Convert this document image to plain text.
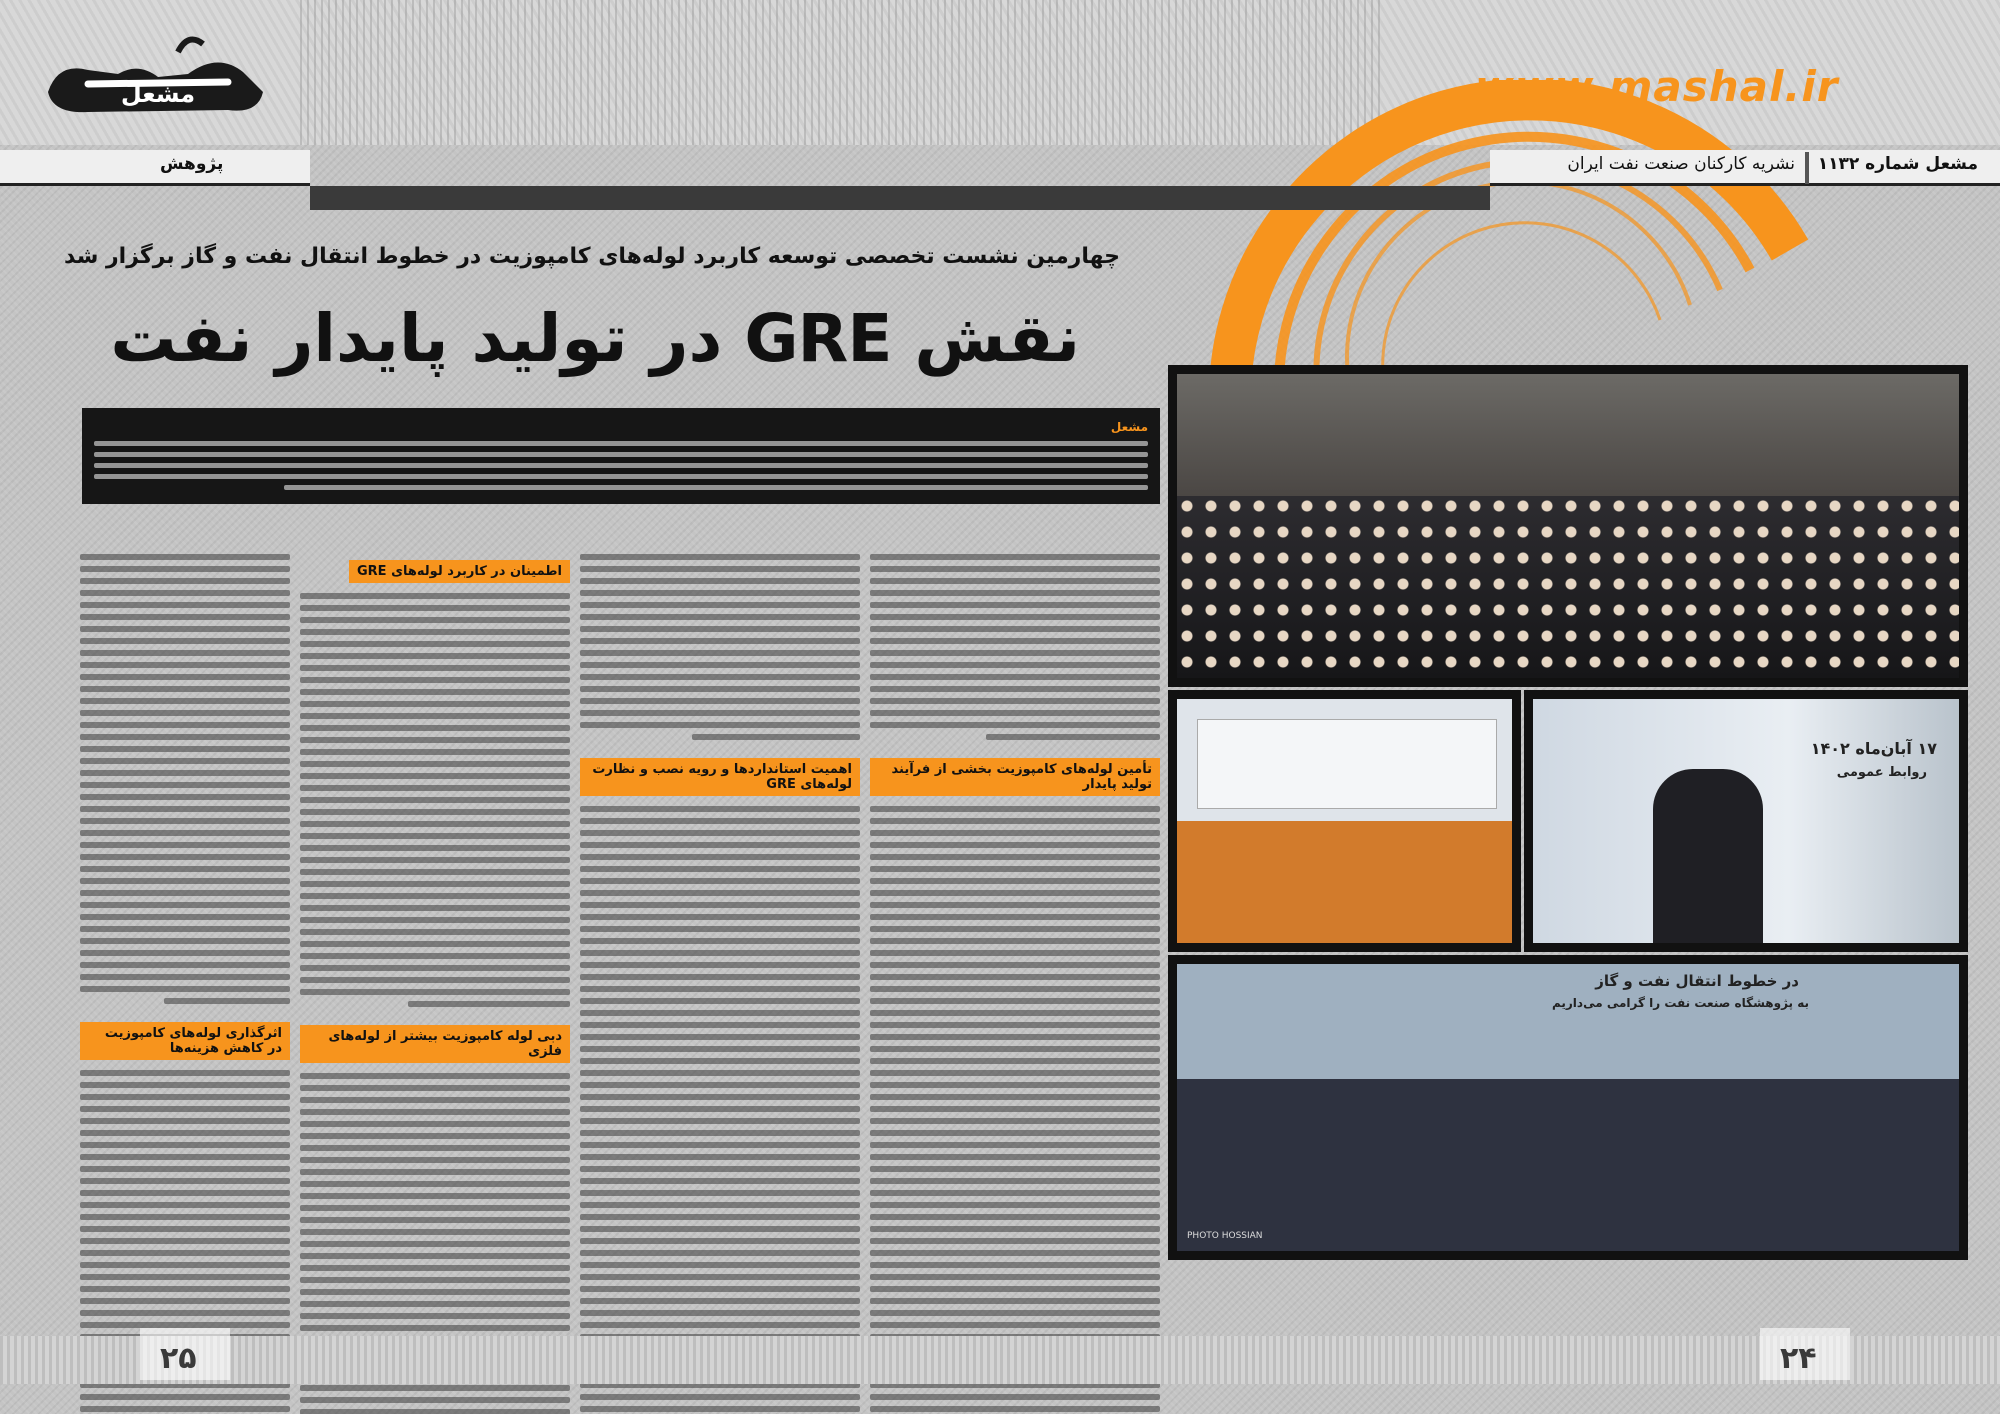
مشعل	www.mashal.ir
پژوهش	نشریه کارکنان صنعت نفت ایران مشعل شماره ۱۱۳۲
چهارمین نشست تخصصی توسعه کاربرد لوله‌های کامپوزیت در خطوط انتقال نفت و گاز برگزار شد
نقش GRE در تولید پایدار نفت
مشعل
تأمین لوله‌های کامپوزیت بخشی از فرآیند تولید پایدار
اهمیت استانداردها و رویه نصب و نظارت لوله‌های GRE
اطمینان در کاربرد لوله‌های GRE
دبی لوله کامپوزیت بیشتر از لوله‌های فلزی
اثرگذاری لوله‌های کامپوزیت در کاهش هزینه‌ها
۱۷ آبان‌ماه ۱۴۰۲
روابط عمومی
در خطوط انتقال نفت و گاز
به پژوهشگاه صنعت نفت را گرامی می‌داریم
PHOTO HOSSIAN
۲۵	۲۴
